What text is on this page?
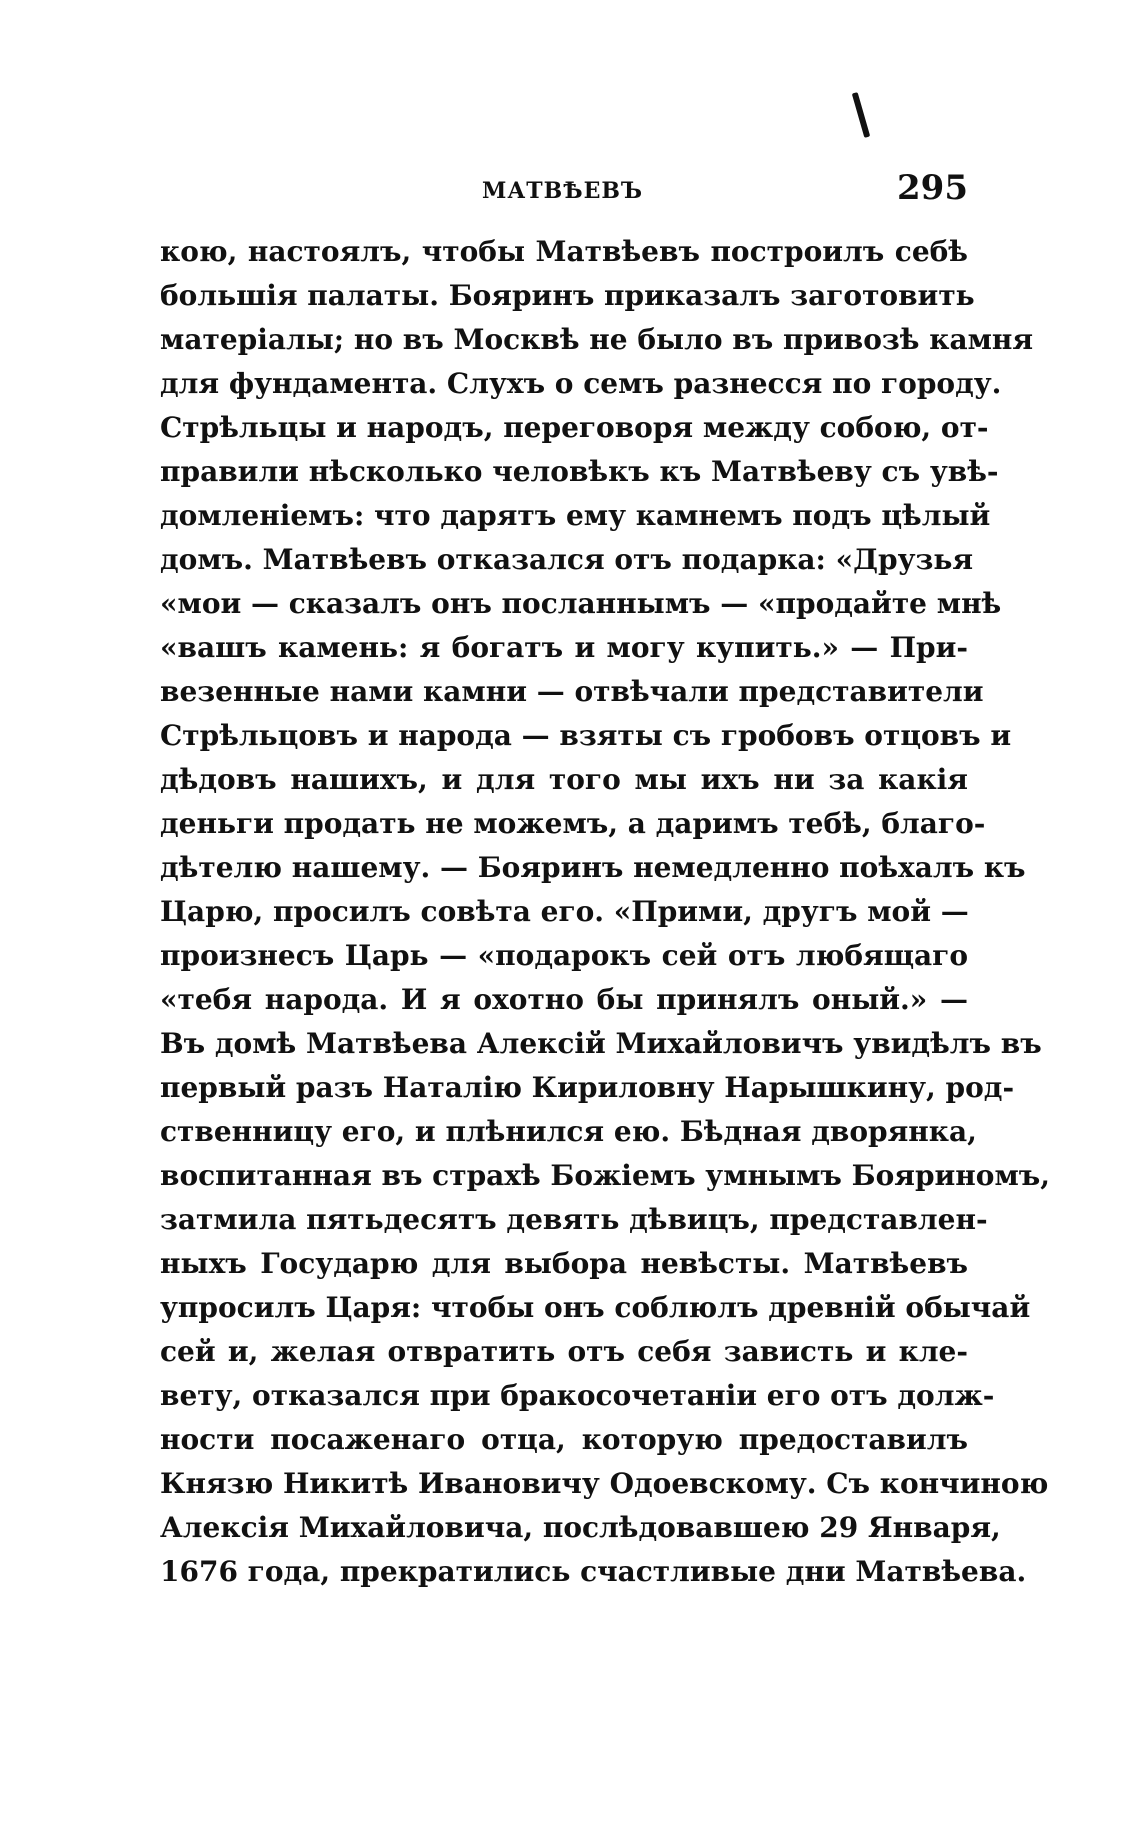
МАТВѢЕВЪ	295
кою, настоялъ, чтобы Матвѣевъ построилъ себѣ
большія палаты. Бояринъ приказалъ заготовить
матеріалы; но въ Москвѣ не было въ привозѣ камня
для фундамента. Слухъ о семъ разнесся по городу.
Стрѣльцы и народъ, переговоря между собою, от-
правили нѣсколько человѣкъ къ Матвѣеву съ увѣ-
домленіемъ: что дарятъ ему камнемъ подъ цѣлый
домъ. Матвѣевъ отказался отъ подарка: «Друзья
«мои — сказалъ онъ посланнымъ — «продайте мнѣ
«вашъ камень: я богатъ и могу купить.» — При-
везенные нами камни — отвѣчали представители
Стрѣльцовъ и народа — взяты съ гробовъ отцовъ и
дѣдовъ нашихъ, и для того мы ихъ ни за какія
деньги продать не можемъ, а даримъ тебѣ, благо-
дѣтелю нашему. — Бояринъ немедленно поѣхалъ къ
Царю, просилъ совѣта его. «Прими, другъ мой —
произнесъ Царь — «подарокъ сей отъ любящаго
«тебя народа. И я охотно бы принялъ оный.» —
Въ домѣ Матвѣева Алексій Михайловичъ увидѣлъ въ
первый разъ Наталію Кириловну Нарышкину, род-
ственницу его, и плѣнился ею. Бѣдная дворянка,
воспитанная въ страхѣ Божіемъ умнымъ Бояриномъ,
затмила пятьдесятъ девять дѣвицъ, представлен-
ныхъ Государю для выбора невѣсты. Матвѣевъ
упросилъ Царя: чтобы онъ соблюлъ древній обычай
сей и, желая отвратить отъ себя зависть и кле-
вету, отказался при бракосочетаніи его отъ долж-
ности посаженаго отца, которую предоставилъ
Князю Никитѣ Ивановичу Одоевскому. Съ кончиною
Алексія Михайловича, послѣдовавшею 29 Января,
1676 года, прекратились счастливые дни Матвѣева.
